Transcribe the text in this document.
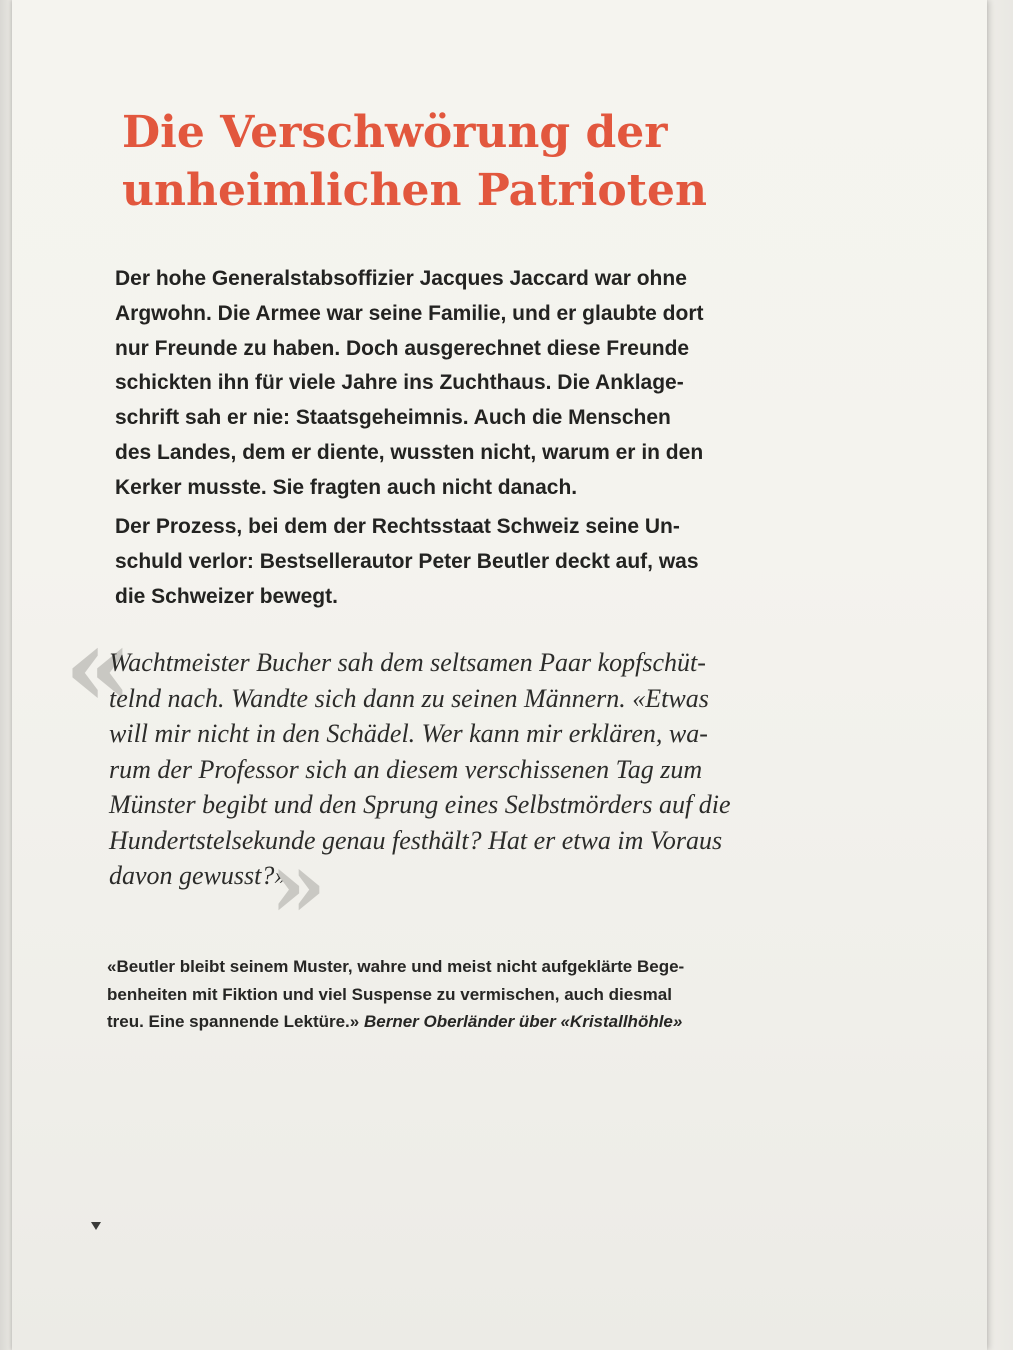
Die Verschwörung der
unheimlichen Patrioten

Der hohe Generalstabsoffizier Jacques Jaccard war ohne
Argwohn. Die Armee war seine Familie, und er glaubte dort
nur Freunde zu haben. Doch ausgerechnet diese Freunde
schickten ihn für viele Jahre ins Zuchthaus. Die Anklage-
schrift sah er nie: Staatsgeheimnis. Auch die Menschen
des Landes, dem er diente, wussten nicht, warum er in den
Kerker musste. Sie fragten auch nicht danach.

Der Prozess, bei dem der Rechtsstaat Schweiz seine Un-
schuld verlor: Bestsellerautor Peter Beutler deckt auf, was
die Schweizer bewegt.

«

Wachtmeister Bucher sah dem seltsamen Paar kopfschüt-
telnd nach. Wandte sich dann zu seinen Männern. «Etwas
will mir nicht in den Schädel. Wer kann mir erklären, wa-
rum der Professor sich an diesem verschissenen Tag zum
Münster begibt und den Sprung eines Selbstmörders auf die
Hundertstelsekunde genau festhält? Hat er etwa im Voraus
davon gewusst?»

»

«Beutler bleibt seinem Muster, wahre und meist nicht aufgeklärte Bege-
benheiten mit Fiktion und viel Suspense zu vermischen, auch diesmal
treu. Eine spannende Lektüre.» Berner Oberländer über «Kristallhöhle»
